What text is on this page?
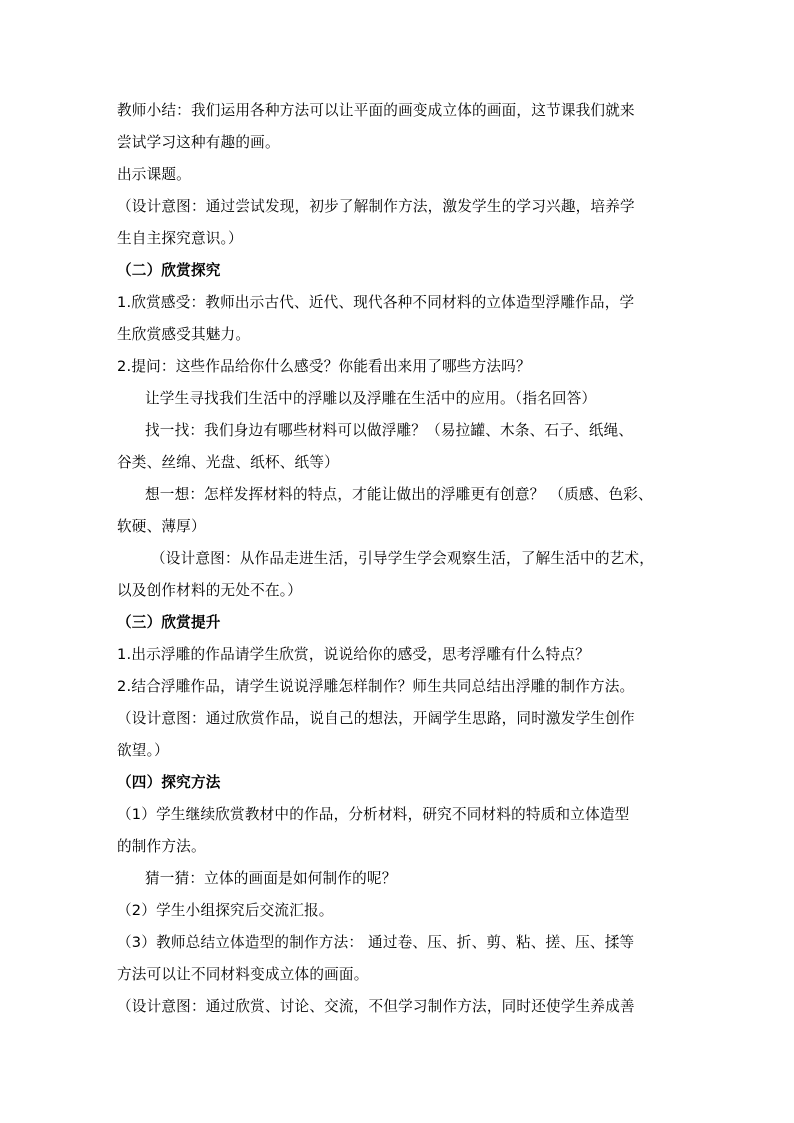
教师小结：我们运用各种方法可以让平面的画变成立体的画面，这节课我们就来
尝试学习这种有趣的画。
出示课题。
（设计意图：通过尝试发现，初步了解制作方法，激发学生的学习兴趣，培养学
生自主探究意识。）
（二）欣赏探究
1.欣赏感受：教师出示古代、近代、现代各种不同材料的立体造型浮雕作品，学
生欣赏感受其魅力。
2.提问：这些作品给你什么感受？你能看出来用了哪些方法吗？
让学生寻找我们生活中的浮雕以及浮雕在生活中的应用。（指名回答）
找一找：我们身边有哪些材料可以做浮雕？（易拉罐、木条、石子、纸绳、
谷类、丝绵、光盘、纸杯、纸等）
想一想：怎样发挥材料的特点，才能让做出的浮雕更有创意？ （质感、色彩、
软硬、薄厚）
（设计意图：从作品走进生活，引导学生学会观察生活，了解生活中的艺术，
以及创作材料的无处不在。）
（三）欣赏提升
1.出示浮雕的作品请学生欣赏，说说给你的感受，思考浮雕有什么特点？
2.结合浮雕作品，请学生说说浮雕怎样制作？师生共同总结出浮雕的制作方法。
（设计意图：通过欣赏作品，说自己的想法，开阔学生思路，同时激发学生创作
欲望。）
（四）探究方法
（1）学生继续欣赏教材中的作品，分析材料，研究不同材料的特质和立体造型
的制作方法。
猜一猜：立体的画面是如何制作的呢？
（2）学生小组探究后交流汇报。
（3）教师总结立体造型的制作方法： 通过卷、压、折、剪、粘、搓、压、揉等
方法可以让不同材料变成立体的画面。
（设计意图：通过欣赏、讨论、交流，不但学习制作方法，同时还使学生养成善
